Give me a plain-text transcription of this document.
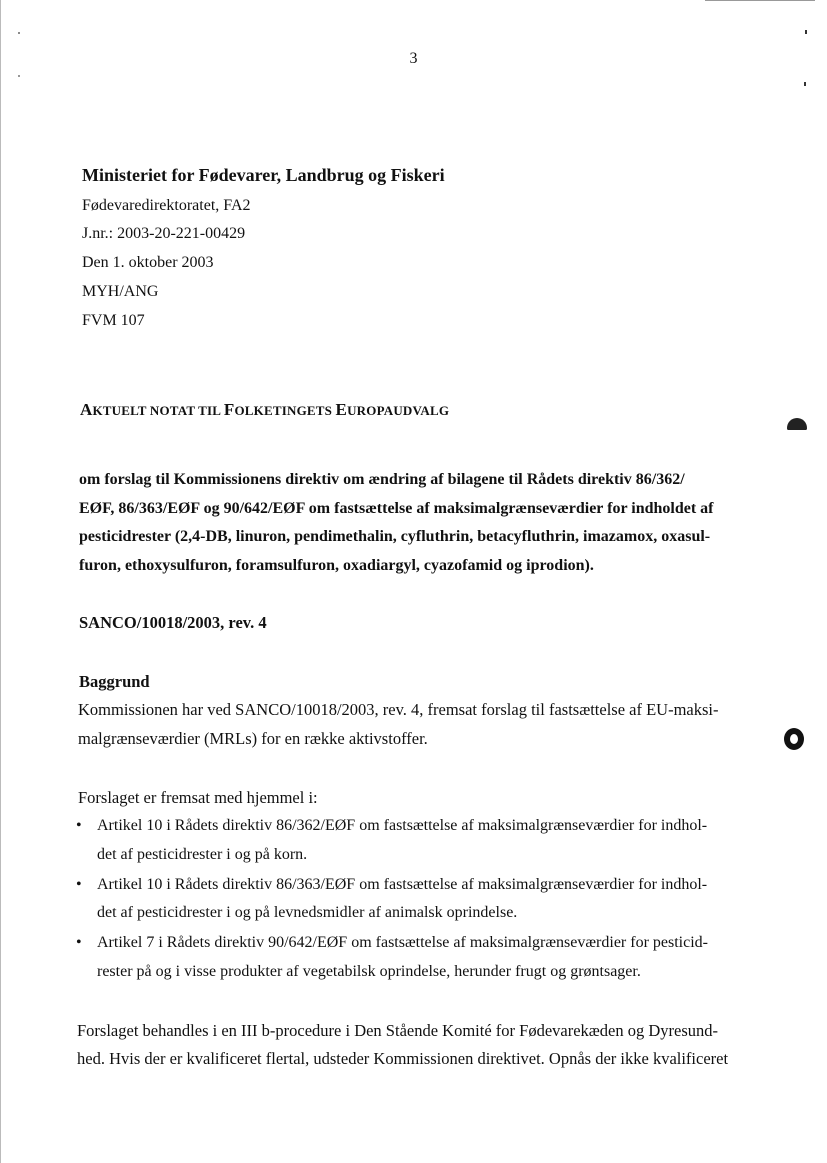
3
Ministeriet for Fødevarer, Landbrug og Fiskeri
Fødevaredirektoratet, FA2
J.nr.: 2003-20-221-00429
Den 1. oktober 2003
MYH/ANG
FVM 107
AKTUELT NOTAT TIL FOLKETINGETS EUROPAUDVALG
om forslag til Kommissionens direktiv om ændring af bilagene til Rådets direktiv 86/362/
EØF, 86/363/EØF og 90/642/EØF om fastsættelse af maksimalgrænseværdier for indholdet af
pesticidrester (2,4-DB, linuron, pendimethalin, cyfluthrin, betacyfluthrin, imazamox, oxasul-
furon, ethoxysulfuron, foramsulfuron, oxadiargyl, cyazofamid og iprodion).
SANCO/10018/2003, rev. 4
Baggrund
Kommissionen har ved SANCO/10018/2003, rev. 4, fremsat forslag til fastsættelse af EU-maksi-
malgrænseværdier (MRLs) for en række aktivstoffer.
Forslaget er fremsat med hjemmel i:
• Artikel 10 i Rådets direktiv 86/362/EØF om fastsættelse af maksimalgrænseværdier for indhol-
det af pesticidrester i og på korn.
• Artikel 10 i Rådets direktiv 86/363/EØF om fastsættelse af maksimalgrænseværdier for indhol-
det af pesticidrester i og på levnedsmidler af animalsk oprindelse.
• Artikel 7 i Rådets direktiv 90/642/EØF om fastsættelse af maksimalgrænseværdier for pesticid-
rester på og i visse produkter af vegetabilsk oprindelse, herunder frugt og grøntsager.
Forslaget behandles i en III b-procedure i Den Stående Komité for Fødevarekæden og Dyresund-
hed. Hvis der er kvalificeret flertal, udsteder Kommissionen direktivet. Opnås der ikke kvalificeret
